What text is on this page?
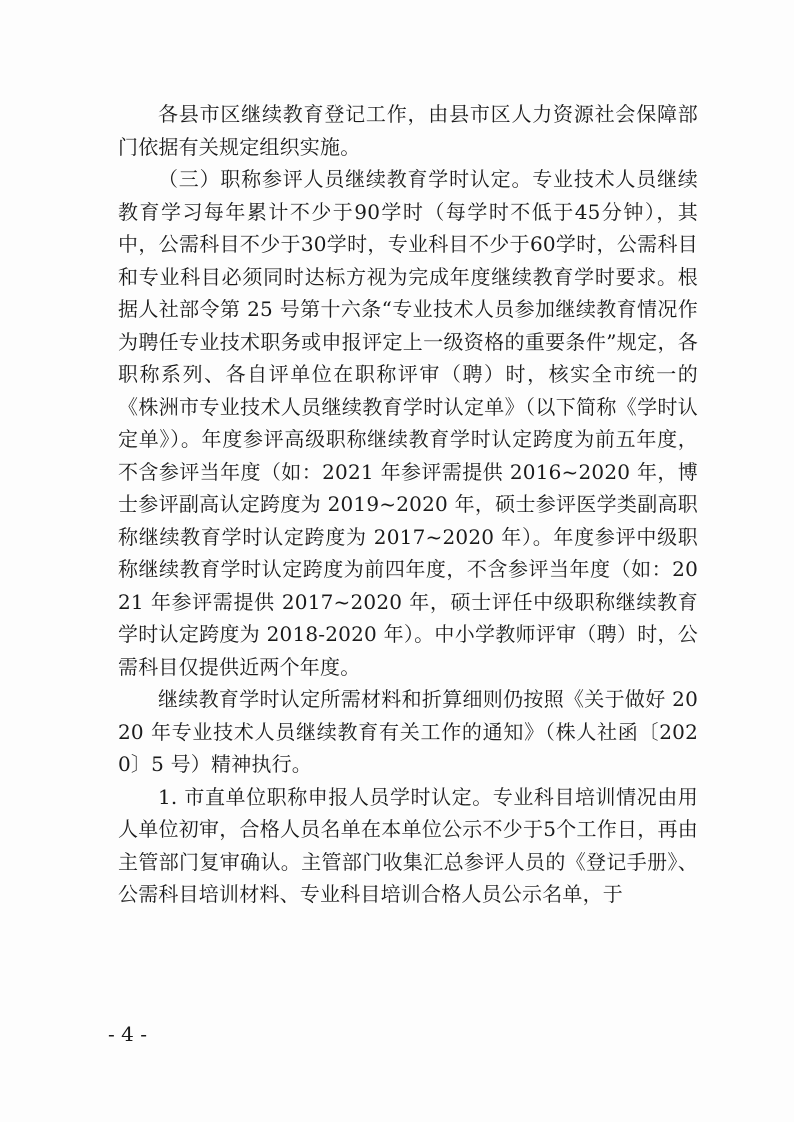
各县市区继续教育登记工作，由县市区人力资源社会保障部门依据有关规定组织实施。

（三）职称参评人员继续教育学时认定。专业技术人员继续教育学习每年累计不少于90学时（每学时不低于45分钟），其中，公需科目不少于30学时，专业科目不少于60学时，公需科目和专业科目必须同时达标方视为完成年度继续教育学时要求。根据人社部令第 25 号第十六条“专业技术人员参加继续教育情况作为聘任专业技术职务或申报评定上一级资格的重要条件”规定，各职称系列、各自评单位在职称评审（聘）时，核实全市统一的《株洲市专业技术人员继续教育学时认定单》（以下简称《学时认定单》）。年度参评高级职称继续教育学时认定跨度为前五年度，不含参评当年度（如：2021 年参评需提供 2016~2020 年，博士参评副高认定跨度为 2019~2020 年，硕士参评医学类副高职称继续教育学时认定跨度为 2017~2020 年）。年度参评中级职称继续教育学时认定跨度为前四年度，不含参评当年度（如：2021 年参评需提供 2017~2020 年，硕士评任中级职称继续教育学时认定跨度为 2018-2020 年）。中小学教师评审（聘）时，公需科目仅提供近两个年度。

继续教育学时认定所需材料和折算细则仍按照《关于做好 2020 年专业技术人员继续教育有关工作的通知》（株人社函〔2020〕5 号）精神执行。

1. 市直单位职称申报人员学时认定。专业科目培训情况由用人单位初审，合格人员名单在本单位公示不少于5个工作日，再由主管部门复审确认。主管部门收集汇总参评人员的《登记手册》、公需科目培训材料、专业科目培训合格人员公示名单，于

- 4 -
